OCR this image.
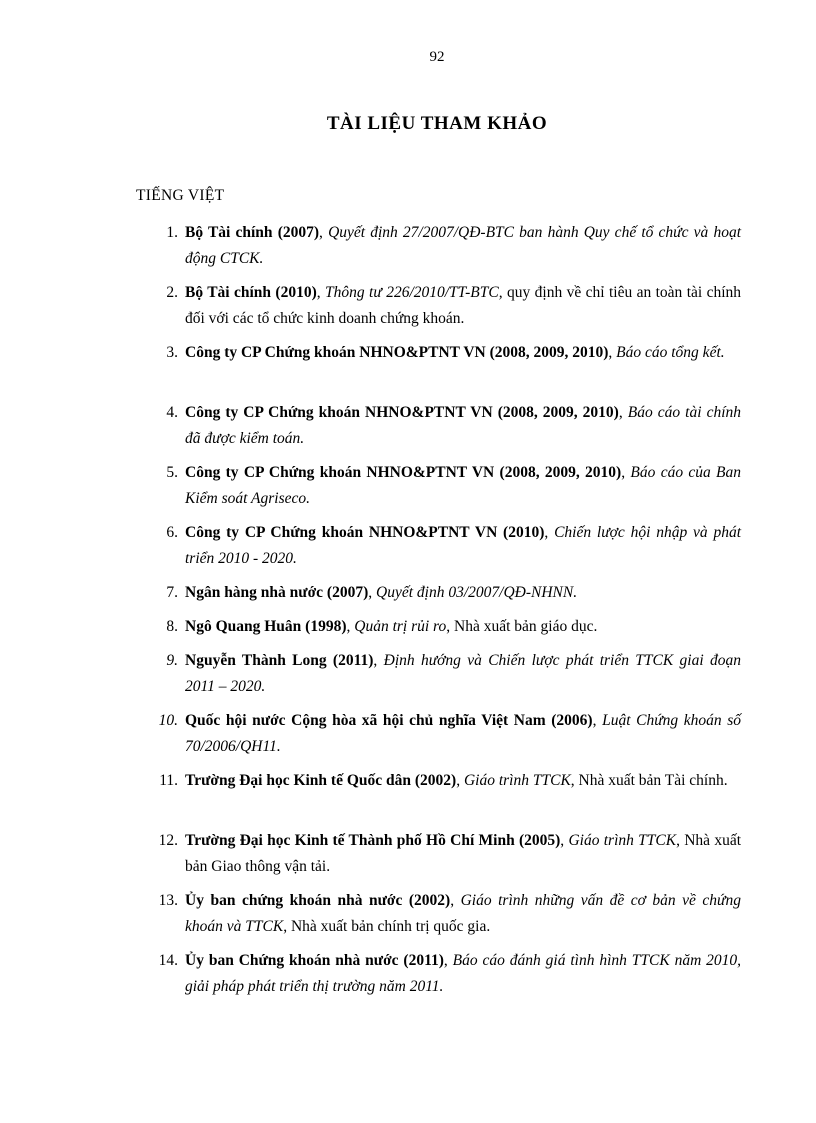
92
TÀI LIỆU THAM KHẢO
TIẾNG VIỆT
1. Bộ Tài chính (2007), Quyết định 27/2007/QĐ-BTC ban hành Quy chế tổ chức và hoạt động CTCK.
2. Bộ Tài chính (2010), Thông tư 226/2010/TT-BTC, quy định về chỉ tiêu an toàn tài chính đối với các tổ chức kinh doanh chứng khoán.
3. Công ty CP Chứng khoán NHNO&PTNT VN (2008, 2009, 2010), Báo cáo tổng kết.
4. Công ty CP Chứng khoán NHNO&PTNT VN (2008, 2009, 2010), Báo cáo tài chính đã được kiểm toán.
5. Công ty CP Chứng khoán NHNO&PTNT VN (2008, 2009, 2010), Báo cáo của Ban Kiểm soát Agriseco.
6. Công ty CP Chứng khoán NHNO&PTNT VN (2010), Chiến lược hội nhập và phát triển 2010 - 2020.
7. Ngân hàng nhà nước (2007), Quyết định 03/2007/QĐ-NHNN.
8. Ngô Quang Huân (1998), Quản trị rủi ro, Nhà xuất bản giáo dục.
9. Nguyễn Thành Long (2011), Định hướng và Chiến lược phát triển TTCK giai đoạn 2011 – 2020.
10. Quốc hội nước Cộng hòa xã hội chủ nghĩa Việt Nam (2006), Luật Chứng khoán số 70/2006/QH11.
11. Trường Đại học Kinh tế Quốc dân (2002), Giáo trình TTCK, Nhà xuất bản Tài chính.
12. Trường Đại học Kinh tế Thành phố Hồ Chí Minh (2005), Giáo trình TTCK, Nhà xuất bản Giao thông vận tải.
13. Ủy ban chứng khoán nhà nước (2002), Giáo trình những vấn đề cơ bản về chứng khoán và TTCK, Nhà xuất bản chính trị quốc gia.
14. Ủy ban Chứng khoán nhà nước (2011), Báo cáo đánh giá tình hình TTCK năm 2010, giải pháp phát triển thị trường năm 2011.
